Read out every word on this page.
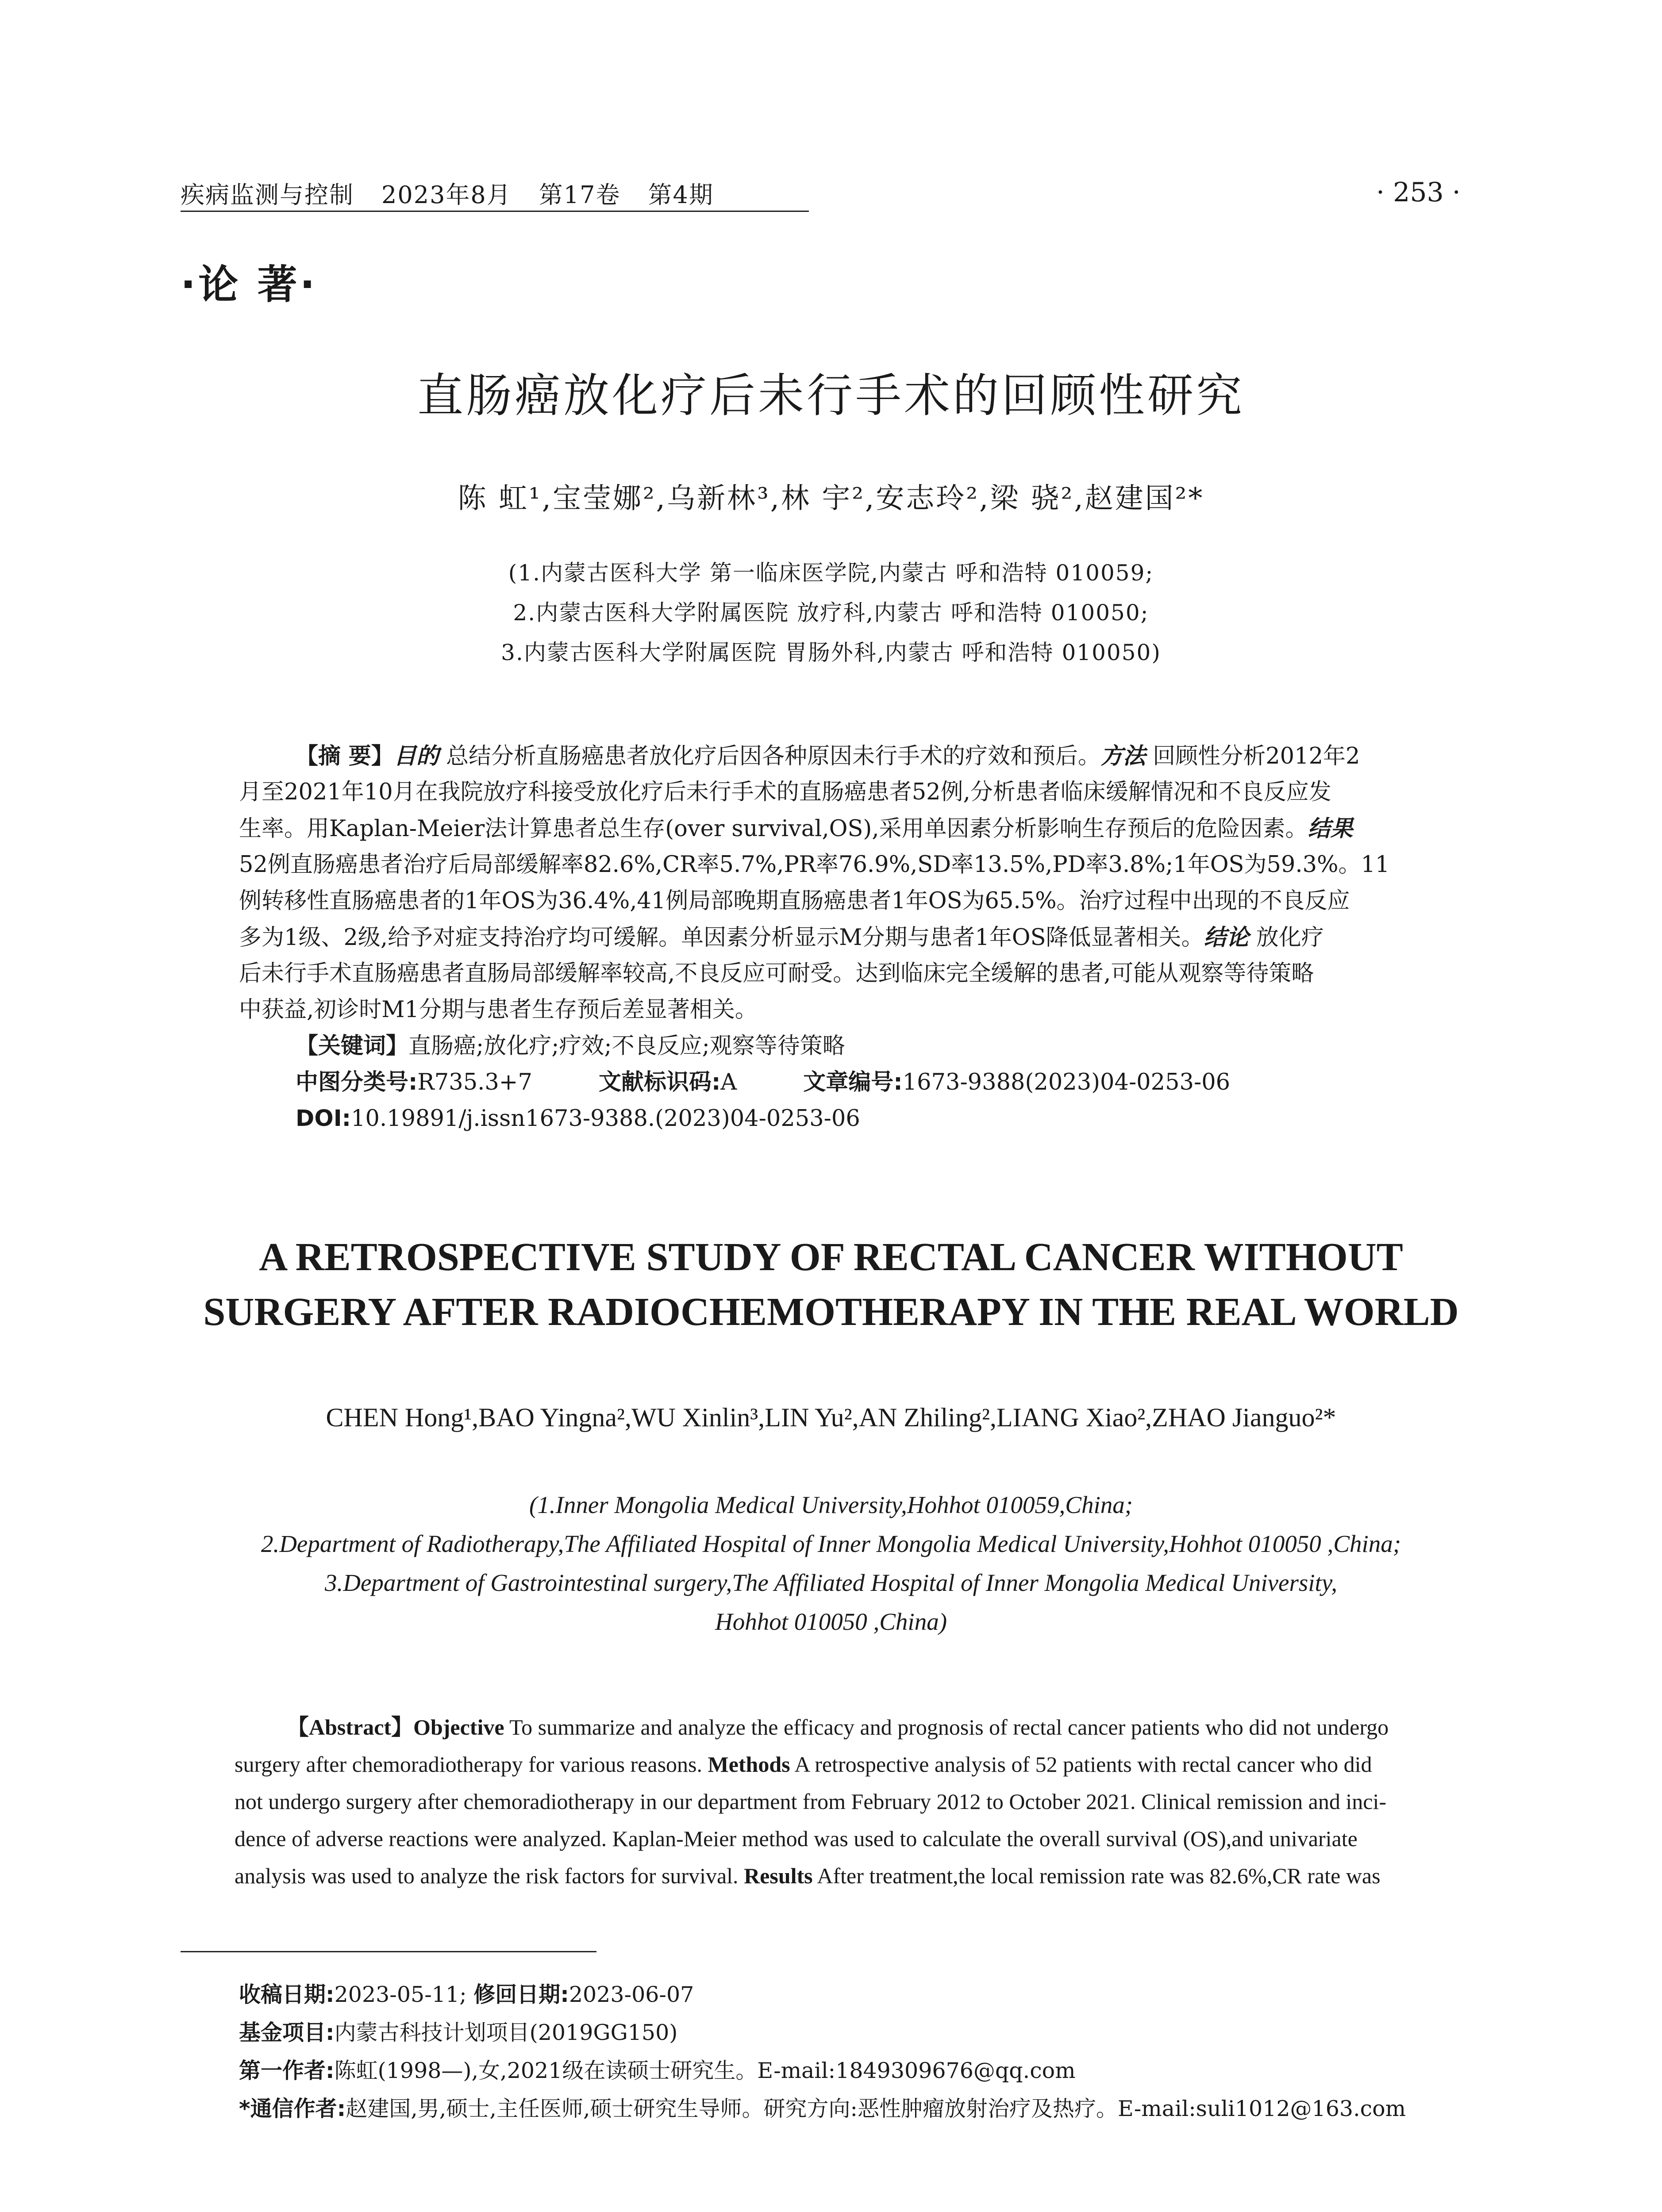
疾病监测与控制 2023年8月 第17卷 第4期	· 253 ·
·论 著·
直肠癌放化疗后未行手术的回顾性研究
陈 虹¹,宝莹娜²,乌新林³,林 宇²,安志玲²,梁 骁²,赵建国²*
(1.内蒙古医科大学 第一临床医学院,内蒙古 呼和浩特 010059;
2.内蒙古医科大学附属医院 放疗科,内蒙古 呼和浩特 010050;
3.内蒙古医科大学附属医院 胃肠外科,内蒙古 呼和浩特 010050)
【摘 要】目的 总结分析直肠癌患者放化疗后因各种原因未行手术的疗效和预后。方法 回顾性分析2012年2
月至2021年10月在我院放疗科接受放化疗后未行手术的直肠癌患者52例,分析患者临床缓解情况和不良反应发
生率。用Kaplan-Meier法计算患者总生存(over survival,OS),采用单因素分析影响生存预后的危险因素。结果
52例直肠癌患者治疗后局部缓解率82.6%,CR率5.7%,PR率76.9%,SD率13.5%,PD率3.8%;1年OS为59.3%。11
例转移性直肠癌患者的1年OS为36.4%,41例局部晚期直肠癌患者1年OS为65.5%。治疗过程中出现的不良反应
多为1级、2级,给予对症支持治疗均可缓解。单因素分析显示M分期与患者1年OS降低显著相关。结论 放化疗
后未行手术直肠癌患者直肠局部缓解率较高,不良反应可耐受。达到临床完全缓解的患者,可能从观察等待策略
中获益,初诊时M1分期与患者生存预后差显著相关。
【关键词】直肠癌;放化疗;疗效;不良反应;观察等待策略
中图分类号:R735.3+7	文献标识码:A	文章编号:1673-9388(2023)04-0253-06
DOI:10.19891/j.issn1673-9388.(2023)04-0253-06
A RETROSPECTIVE STUDY OF RECTAL CANCER WITHOUT
SURGERY AFTER RADIOCHEMOTHERAPY IN THE REAL WORLD
CHEN Hong¹,BAO Yingna²,WU Xinlin³,LIN Yu²,AN Zhiling²,LIANG Xiao²,ZHAO Jianguo²*
(1.Inner Mongolia Medical University,Hohhot 010059,China;
2.Department of Radiotherapy,The Affiliated Hospital of Inner Mongolia Medical University,Hohhot 010050 ,China;
3.Department of Gastrointestinal surgery,The Affiliated Hospital of Inner Mongolia Medical University,
Hohhot 010050 ,China)
【Abstract】Objective To summarize and analyze the efficacy and prognosis of rectal cancer patients who did not undergo
surgery after chemoradiotherapy for various reasons. Methods A retrospective analysis of 52 patients with rectal cancer who did
not undergo surgery after chemoradiotherapy in our department from February 2012 to October 2021. Clinical remission and inci-
dence of adverse reactions were analyzed. Kaplan-Meier method was used to calculate the overall survival (OS),and univariate
analysis was used to analyze the risk factors for survival. Results After treatment,the local remission rate was 82.6%,CR rate was
收稿日期:2023-05-11; 修回日期:2023-06-07
基金项目:内蒙古科技计划项目(2019GG150)
第一作者:陈虹(1998—),女,2021级在读硕士研究生。E-mail:1849309676@qq.com
*通信作者:赵建国,男,硕士,主任医师,硕士研究生导师。研究方向:恶性肿瘤放射治疗及热疗。E-mail:suli1012@163.com
